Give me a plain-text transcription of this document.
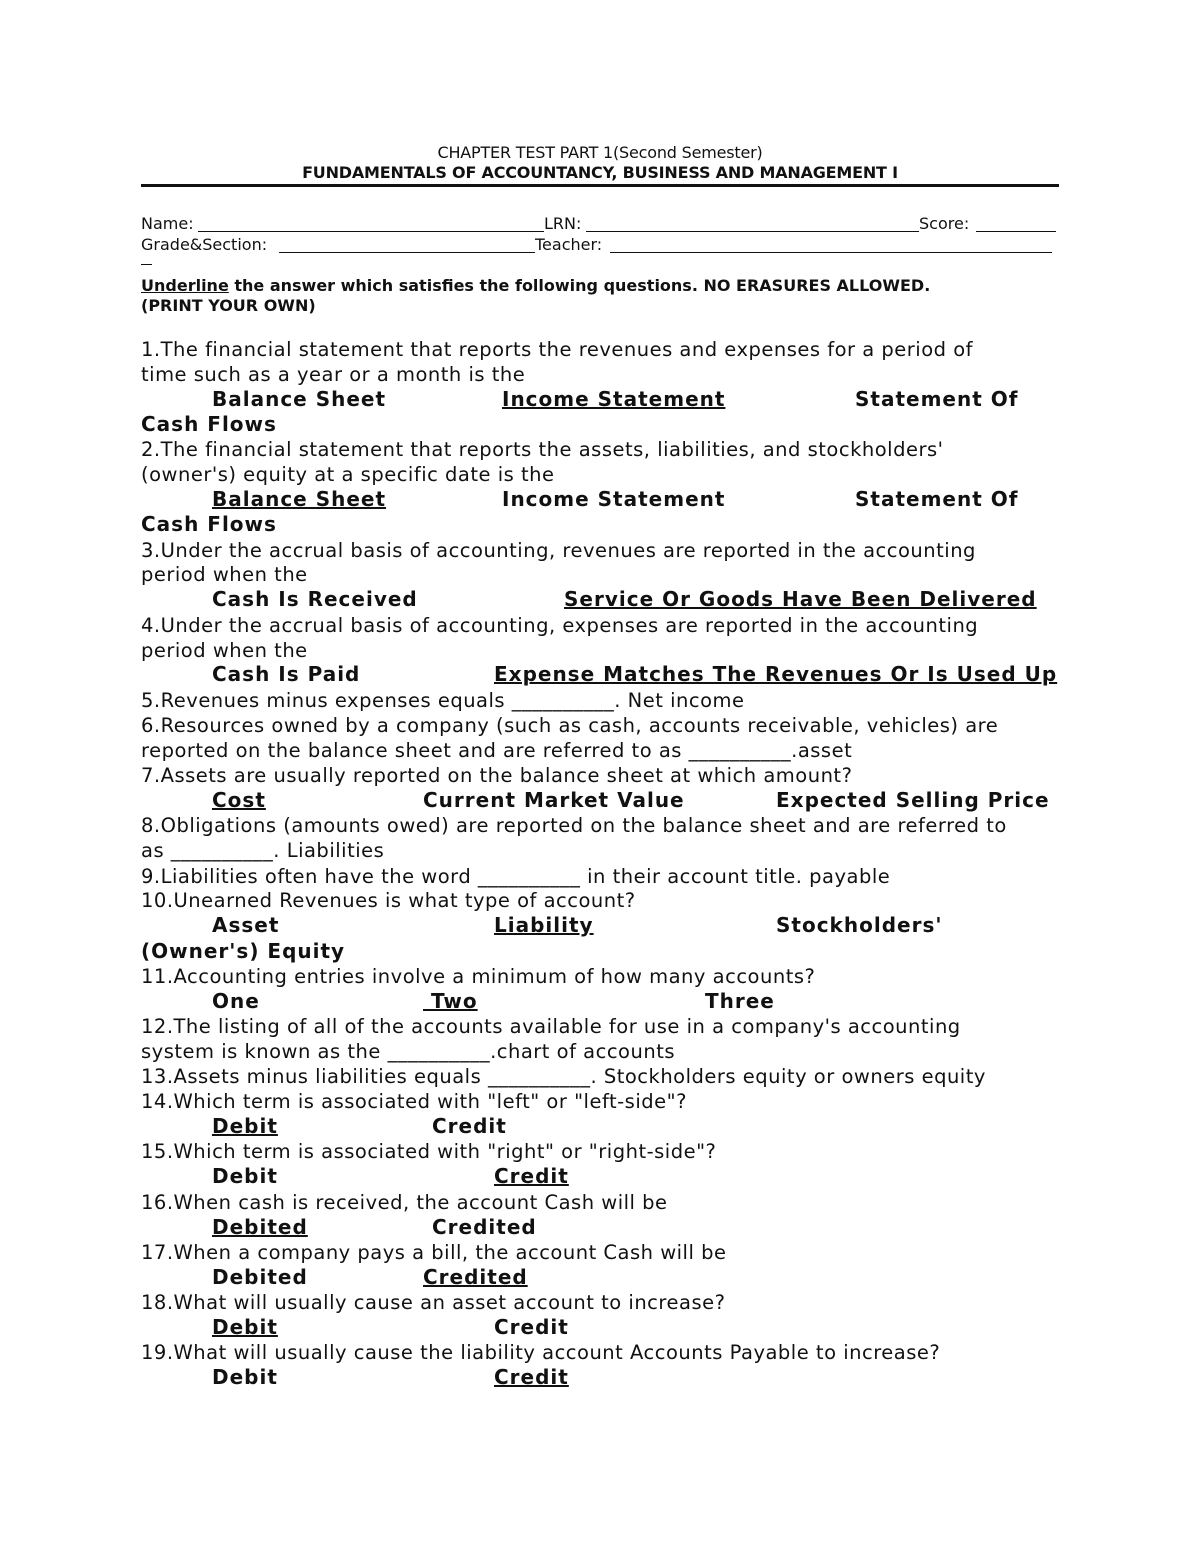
CHAPTER TEST PART 1(Second Semester)
FUNDAMENTALS OF ACCOUNTANCY, BUSINESS AND MANAGEMENT I
Name:	LRN:	Score:
Grade&Section:	Teacher:
Underline the answer which satisfies the following questions. NO ERASURES ALLOWED.
(PRINT YOUR OWN)
1.The financial statement that reports the revenues and expenses for a period of
time such as a year or a month is the
Balance Sheet	Income Statement	Statement Of
Cash Flows
2.The financial statement that reports the assets, liabilities, and stockholders'
(owner's) equity at a specific date is the
Balance Sheet	Income Statement	Statement Of
Cash Flows
3.Under the accrual basis of accounting, revenues are reported in the accounting
period when the
Cash Is Received	Service Or Goods Have Been Delivered
4.Under the accrual basis of accounting, expenses are reported in the accounting
period when the
Cash Is Paid	Expense Matches The Revenues Or Is Used Up
5.Revenues minus expenses equals __________. Net income
6.Resources owned by a company (such as cash, accounts receivable, vehicles) are
reported on the balance sheet and are referred to as __________.asset
7.Assets are usually reported on the balance sheet at which amount?
Cost	Current Market Value	Expected Selling Price
8.Obligations (amounts owed) are reported on the balance sheet and are referred to
as __________. Liabilities
9.Liabilities often have the word __________ in their account title. payable
10.Unearned Revenues is what type of account?
Asset	Liability	Stockholders'
(Owner's) Equity
11.Accounting entries involve a minimum of how many accounts?
One	Two	Three
12.The listing of all of the accounts available for use in a company's accounting
system is known as the __________.chart of accounts
13.Assets minus liabilities equals __________. Stockholders equity or owners equity
14.Which term is associated with "left" or "left-side"?
Debit	Credit
15.Which term is associated with "right" or "right-side"?
Debit	Credit
16.When cash is received, the account Cash will be
Debited	Credited
17.When a company pays a bill, the account Cash will be
Debited	Credited
18.What will usually cause an asset account to increase?
Debit	Credit
19.What will usually cause the liability account Accounts Payable to increase?
Debit	Credit
